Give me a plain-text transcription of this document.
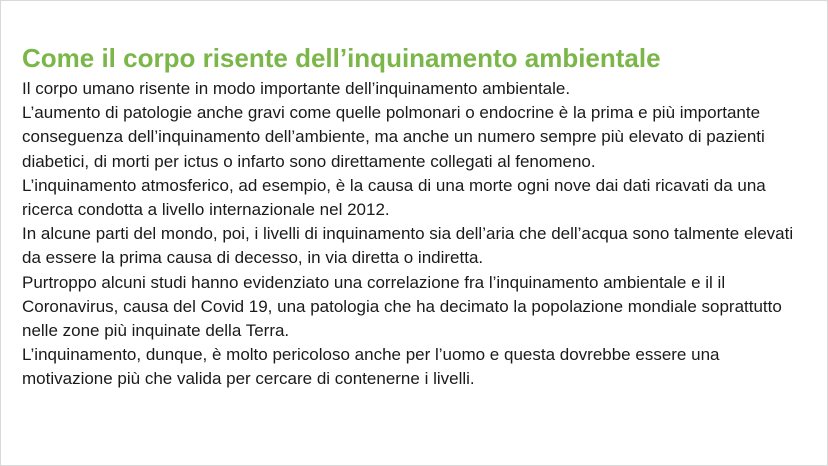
Come il corpo risente dell’inquinamento ambientale

Il corpo umano risente in modo importante dell’inquinamento ambientale.

L’aumento di patologie anche gravi come quelle polmonari o endocrine è la prima e più importante conseguenza dell’inquinamento dell’ambiente, ma anche un numero sempre più elevato di pazienti diabetici, di morti per ictus o infarto sono direttamente collegati al fenomeno.

L’inquinamento atmosferico, ad esempio, è la causa di una morte ogni nove dai dati ricavati da una ricerca condotta a livello internazionale nel 2012.

In alcune parti del mondo, poi, i livelli di inquinamento sia dell’aria che dell’acqua sono talmente elevati da essere la prima causa di decesso, in via diretta o indiretta.

Purtroppo alcuni studi hanno evidenziato una correlazione fra l’inquinamento ambientale e il il Coronavirus, causa del Covid 19, una patologia che ha decimato la popolazione mondiale soprattutto nelle zone più inquinate della Terra.

L’inquinamento, dunque, è molto pericoloso anche per l’uomo e questa dovrebbe essere una motivazione più che valida per cercare di contenerne i livelli.
